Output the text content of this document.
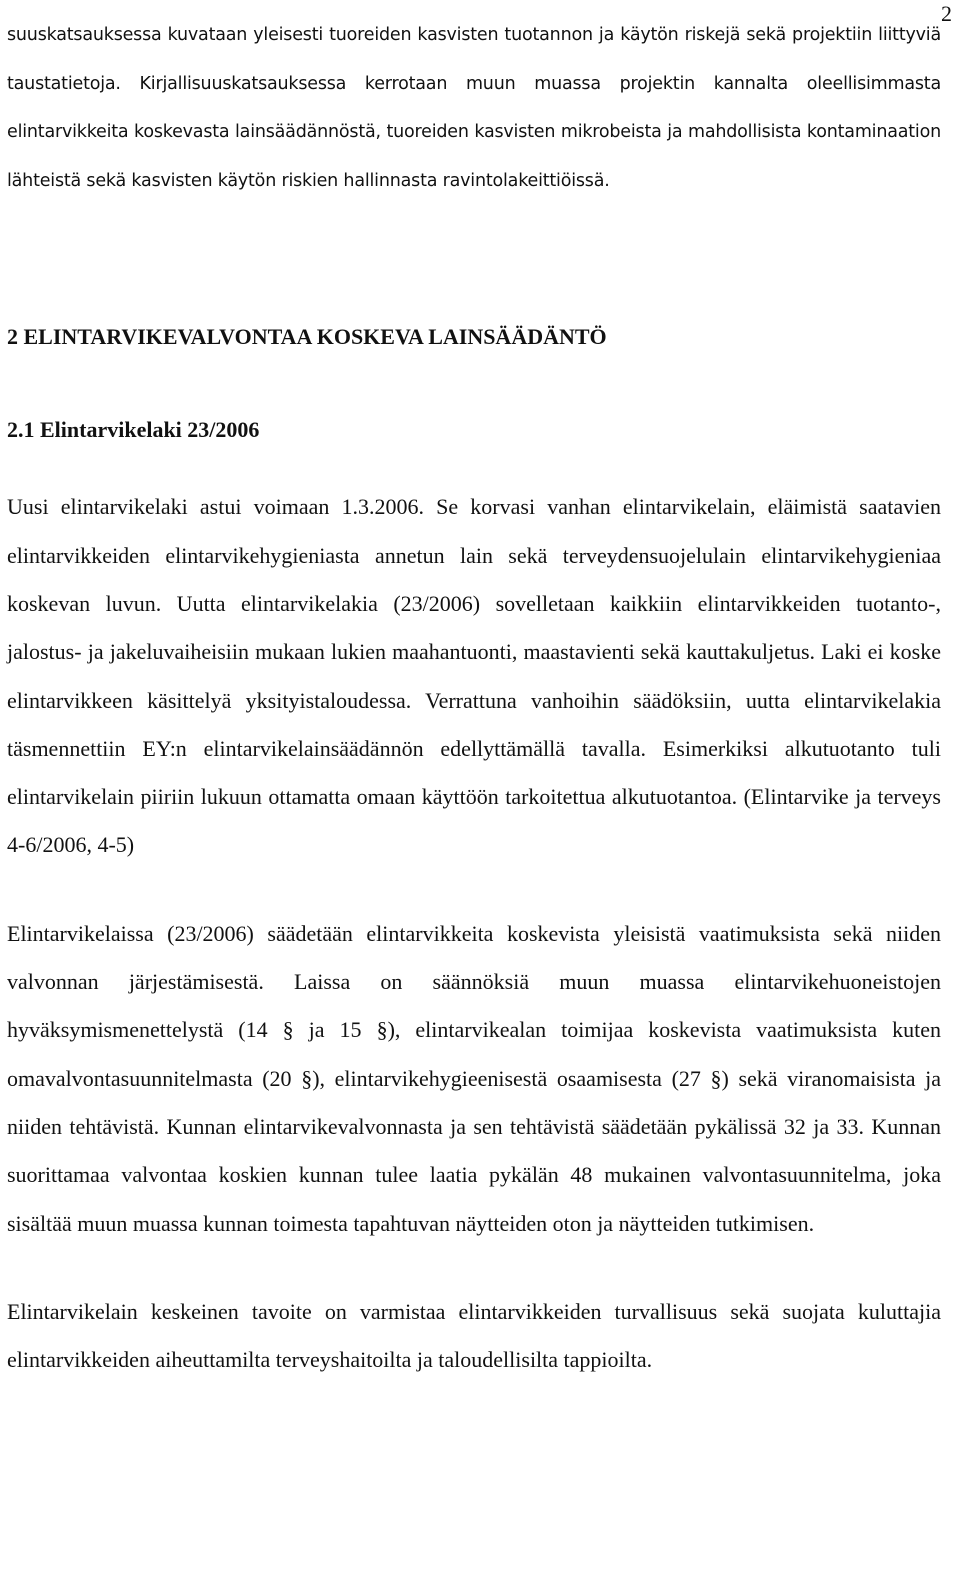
2

suuskatsauksessa kuvataan yleisesti tuoreiden kasvisten tuotannon ja käytön riskejä sekä projektiin liittyviä taustatietoja. Kirjallisuuskatsauksessa kerrotaan muun muassa projektin kannalta oleellisimmasta elintarvikkeita koskevasta lainsäädännöstä, tuoreiden kasvisten mikrobeista ja mahdollisista kontaminaation lähteistä sekä kasvisten käytön riskien hallinnasta ravintolakeittiöissä.

2 ELINTARVIKEVALVONTAA KOSKEVA LAINSÄÄDÄNTÖ
2.1 Elintarvikelaki 23/2006

Uusi elintarvikelaki astui voimaan 1.3.2006. Se korvasi vanhan elintarvikelain, eläimistä saatavien elintarvikkeiden elintarvikehygieniasta annetun lain sekä terveydensuojelulain elintarvikehygieniaa koskevan luvun. Uutta elintarvikelakia (23/2006) sovelletaan kaikkiin elintarvikkeiden tuotanto-, jalostus- ja jakeluvaiheisiin mukaan lukien maahantuonti, maastavienti sekä kauttakuljetus. Laki ei koske elintarvikkeen käsittelyä yksityistaloudessa. Verrattuna vanhoihin säädöksiin, uutta elintarvikelakia täsmennettiin EY:n elintarvikelainsäädännön edellyttämällä tavalla. Esimerkiksi alkutuotanto tuli elintarvikelain piiriin lukuun ottamatta omaan käyttöön tarkoitettua alkutuotantoa. (Elintarvike ja terveys 4-6/2006, 4-5)

Elintarvikelaissa (23/2006) säädetään elintarvikkeita koskevista yleisistä vaatimuksista sekä niiden valvonnan järjestämisestä. Laissa on säännöksiä muun muassa elintarvikehuoneistojen hyväksymismenettelystä (14 § ja 15 §), elintarvikealan toimijaa koskevista vaatimuksista kuten omavalvontasuunnitelmasta (20 §), elintarvikehygieenisestä osaamisesta (27 §) sekä viranomaisista ja niiden tehtävistä. Kunnan elintarvikevalvonnasta ja sen tehtävistä säädetään pykälissä 32 ja 33. Kunnan suorittamaa valvontaa koskien kunnan tulee laatia pykälän 48 mukainen valvontasuunnitelma, joka sisältää muun muassa kunnan toimesta tapahtuvan näytteiden oton ja näytteiden tutkimisen.

Elintarvikelain keskeinen tavoite on varmistaa elintarvikkeiden turvallisuus sekä suojata kuluttajia elintarvikkeiden aiheuttamilta terveyshaitoilta ja taloudellisilta tappioilta.
